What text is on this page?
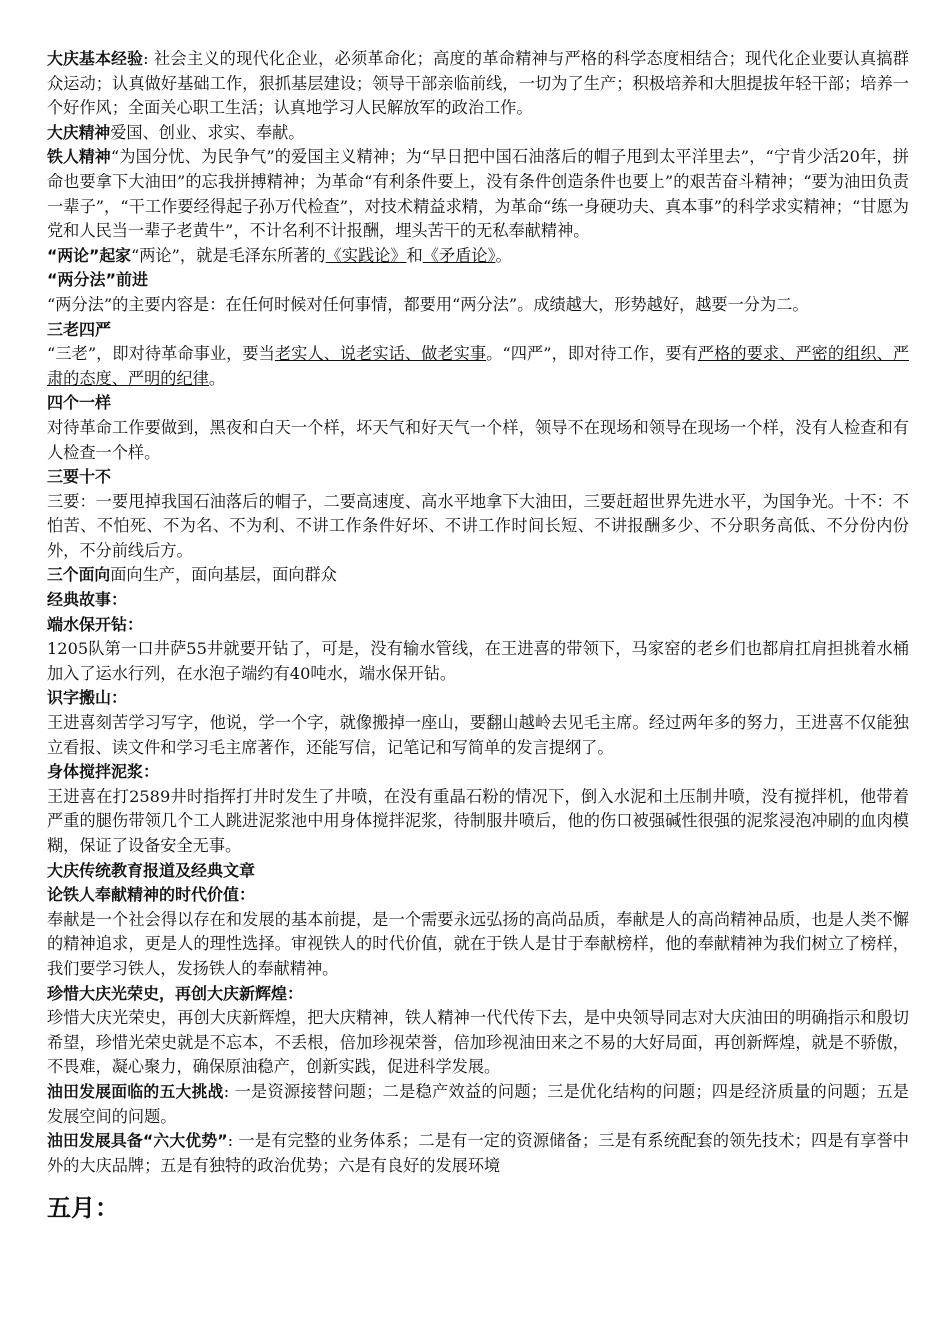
大庆基本经验: 社会主义的现代化企业，必须革命化；高度的革命精神与严格的科学态度相结合；现代化企业要认真搞群众运动；认真做好基础工作，狠抓基层建设；领导干部亲临前线，一切为了生产；积极培养和大胆提拔年轻干部；培养一个好作风；全面关心职工生活；认真地学习人民解放军的政治工作。

大庆精神爱国、创业、求实、奉献。

铁人精神“为国分忧、为民争气”的爱国主义精神；为“早日把中国石油落后的帽子甩到太平洋里去”，“宁肯少活20年，拼命也要拿下大油田”的忘我拼搏精神；为革命“有利条件要上，没有条件创造条件也要上”的艰苦奋斗精神；“要为油田负责一辈子”，“干工作要经得起子孙万代检查”，对技术精益求精，为革命“练一身硬功夫、真本事”的科学求实精神；“甘愿为党和人民当一辈子老黄牛”，不计名利不计报酬，埋头苦干的无私奉献精神。

“两论”起家“两论”，就是毛泽东所著的《实践论》和《矛盾论》。

“两分法”前进

“两分法”的主要内容是：在任何时候对任何事情，都要用“两分法”。成绩越大，形势越好，越要一分为二。

三老四严

“三老”，即对待革命事业，要当老实人、说老实话、做老实事。“四严”，即对待工作，要有严格的要求、严密的组织、严肃的态度、严明的纪律。

四个一样

对待革命工作要做到，黑夜和白天一个样，坏天气和好天气一个样，领导不在现场和领导在现场一个样，没有人检查和有人检查一个样。

三要十不

三要：一要甩掉我国石油落后的帽子，二要高速度、高水平地拿下大油田，三要赶超世界先进水平，为国争光。十不：不怕苦、不怕死、不为名、不为利、不讲工作条件好坏、不讲工作时间长短、不讲报酬多少、不分职务高低、不分份内份外，不分前线后方。

三个面向面向生产，面向基层，面向群众

经典故事：

端水保开钻：

1205队第一口井萨55井就要开钻了，可是，没有输水管线，在王进喜的带领下，马家窑的老乡们也都肩扛肩担挑着水桶加入了运水行列，在水泡子端约有40吨水，端水保开钻。

识字搬山：

王进喜刻苦学习写字，他说，学一个字，就像搬掉一座山，要翻山越岭去见毛主席。经过两年多的努力，王进喜不仅能独立看报、读文件和学习毛主席著作，还能写信，记笔记和写简单的发言提纲了。

身体搅拌泥浆：

王进喜在打2589井时指挥打井时发生了井喷，在没有重晶石粉的情况下，倒入水泥和土压制井喷，没有搅拌机，他带着严重的腿伤带领几个工人跳进泥浆池中用身体搅拌泥浆，待制服井喷后，他的伤口被强碱性很强的泥浆浸泡冲刷的血肉模糊，保证了设备安全无事。

大庆传统教育报道及经典文章

论铁人奉献精神的时代价值：

奉献是一个社会得以存在和发展的基本前提，是一个需要永远弘扬的高尚品质，奉献是人的高尚精神品质，也是人类不懈的精神追求，更是人的理性选择。审视铁人的时代价值，就在于铁人是甘于奉献榜样，他的奉献精神为我们树立了榜样，我们要学习铁人，发扬铁人的奉献精神。

珍惜大庆光荣史，再创大庆新辉煌：

珍惜大庆光荣史，再创大庆新辉煌，把大庆精神，铁人精神一代代传下去，是中央领导同志对大庆油田的明确指示和殷切希望，珍惜光荣史就是不忘本，不丢根，倍加珍视荣誉，倍加珍视油田来之不易的大好局面，再创新辉煌，就是不骄傲，不畏难，凝心聚力，确保原油稳产，创新实践，促进科学发展。

油田发展面临的五大挑战: 一是资源接替问题；二是稳产效益的问题；三是优化结构的问题；四是经济质量的问题；五是发展空间的问题。

油田发展具备“六大优势”: 一是有完整的业务体系；二是有一定的资源储备；三是有系统配套的领先技术；四是有享誉中外的大庆品牌；五是有独特的政治优势；六是有良好的发展环境

五月：
